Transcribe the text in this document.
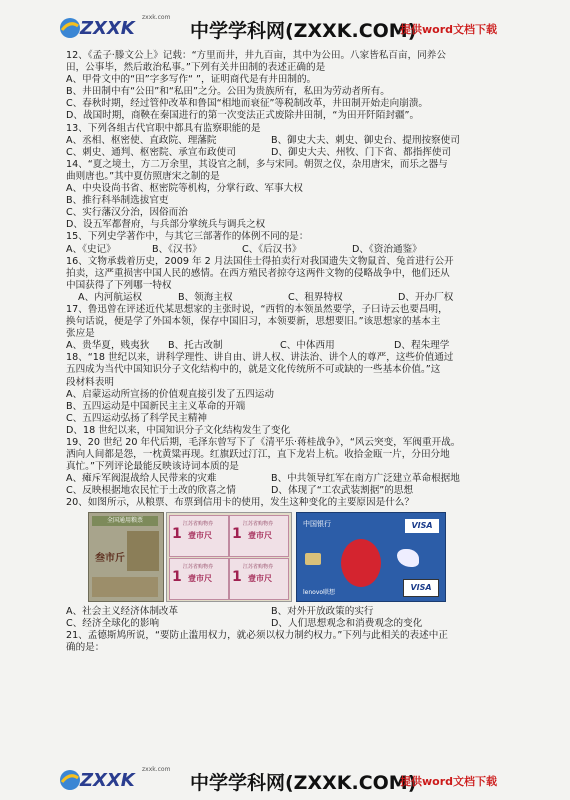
ZXXK
zxxk.com
中学学科网(ZXXK.COM)
提供word文档下载

12、《孟子·滕文公上》记载：“方里而井，井九百亩，其中为公田。八家皆私百亩，同养公

田，公事毕，然后敢治私事。”下列有关井田制的表述正确的是

A、甲骨文中的“田”字多写作“ ”，证明商代是有井田制的。

B、井田制中有“公田”和“私田”之分。公田为贵族所有，私田为劳动者所有。

C、春秋时期，经过管仲改革和鲁国“相地而衰征”等税制改革，井田制开始走向崩溃。

D、战国时期，商鞅在秦国进行的第一次变法正式废除井田制，“为田开阡陌封疆”。

13、下列各组古代官职中都具有监察职能的是

A、丞相、枢密使、直政院、理藩院	B、御史大夫、刺史、御史台、提刑按察使司
C、刺史、通判、枢密院、承宣布政使司	D、御史大夫、州牧、门下省、都指挥使司

14、“夏之境土，方二万余里，其设官之制，多与宋同。朝贺之仪，杂用唐宋，而乐之器与

曲则唐也。”其中夏仿照唐宋之制的是

A、中央设尚书省、枢密院等机构，分掌行政、军事大权

B、推行科举制选拔官吏

C、实行藩汉分治，因俗而治

D、设五军都督府，与兵部分掌统兵与调兵之权

15、下列史学著作中，与其它三部著作的体例不同的是：

A、《史记》	B、《汉书》	C、《后汉书》	D、《资治通鉴》

16、文物承载着历史，2009 年 2 月法国佳士得拍卖行对我国遗失文物鼠首、兔首进行公开

拍卖，这严重损害中国人民的感情。在西方殖民者掠夺这两件文物的侵略战争中，他们还从

中国获得了下列哪一特权

A、内河航运权	B、领海主权	C、租界特权	D、开办厂权

17、鲁迅曾在评述近代某思想家的主张时说，“西哲的本领虽然要学，子曰诗云也要昌明，

换句话说，便是学了外国本领，保存中国旧习，本领要新，思想要旧。”该思想家的基本主

张应是

A、贵华夏，贱夷狄	B、托古改制	C、中体西用	D、程朱理学

18、“18 世纪以来，讲科学理性、讲自由、讲人权、讲法治、讲个人的尊严，这些价值通过

五四成为当代中国知识分子文化结构中的，就是文化传统所不可或缺的一些基本价值。”这

段材料表明

A、启蒙运动所宣扬的价值观直接引发了五四运动

B、五四运动是中国新民主主义革命的开端

C、五四运动弘扬了科学民主精神

D、18 世纪以来，中国知识分子文化结构发生了变化

19、20 世纪 20 年代后期，毛泽东曾写下了《清平乐·蒋桂战争》，“风云突变，军阀重开战。

洒向人间都是怨，一枕黄粱再现。红旗跃过汀江，直下龙岩上杭。收拾金瓯一片，分田分地

真忙。”下列评论最能反映该诗词本质的是

A、瘫斥军阀混战给人民带来的灾难	B、中共领导红军在南方广泛建立革命根据地
C、反映根据地农民忙于土改的欣喜之情	D、体现了“工农武装割据”的思想

20、如图所示，从粮票、布票到信用卡的使用，发生这种变化的主要原因是什么？

全国通用粮票
叁市斤
江苏省购物券
1 壹市尺
江苏省购物券
1 壹市尺
江苏省购物券
1 壹市尺
江苏省购物券
1 壹市尺
中国银行	VISA
lenovo联想
VISA
A、社会主义经济体制改革	B、对外开放政策的实行
C、经济全球化的影响	D、人们思想观念和消费观念的变化

21、孟德斯鸠所说，“要防止滥用权力，就必须以权力制约权力。”下列与此相关的表述中正

确的是：

ZXXK
zxxk.com
中学学科网(ZXXK.COM)
提供word文档下载
